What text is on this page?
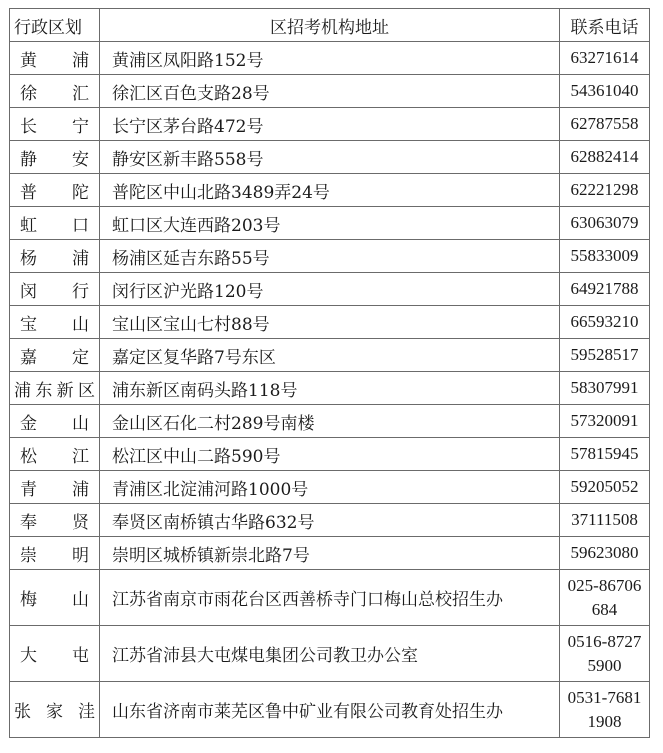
行政区划	区招考机构地址	联系电话
黄　浦	黄浦区凤阳路152号	63271614
徐　汇	徐汇区百色支路28号	54361040
长　宁	长宁区茅台路472号	62787558
静　安	静安区新丰路558号	62882414
普　陀	普陀区中山北路3489弄24号	62221298
虹　口	虹口区大连西路203号	63063079
杨　浦	杨浦区延吉东路55号	55833009
闵　行	闵行区沪光路120号	64921788
宝　山	宝山区宝山七村88号	66593210
嘉　定	嘉定区复华路7号东区	59528517
浦东新区	浦东新区南码头路118号	58307991
金　山	金山区石化二村289号南楼	57320091
松　江	松江区中山二路590号	57815945
青　浦	青浦区北淀浦河路1000号	59205052
奉　贤	奉贤区南桥镇古华路632号	37111508
崇　明	崇明区城桥镇新崇北路7号	59623080
梅　山	江苏省南京市雨花台区西善桥寺门口梅山总校招生办	025-86706684
大　屯	江苏省沛县大屯煤电集团公司教卫办公室	0516-87275900
张家洼	山东省济南市莱芜区鲁中矿业有限公司教育处招生办	0531-76811908
